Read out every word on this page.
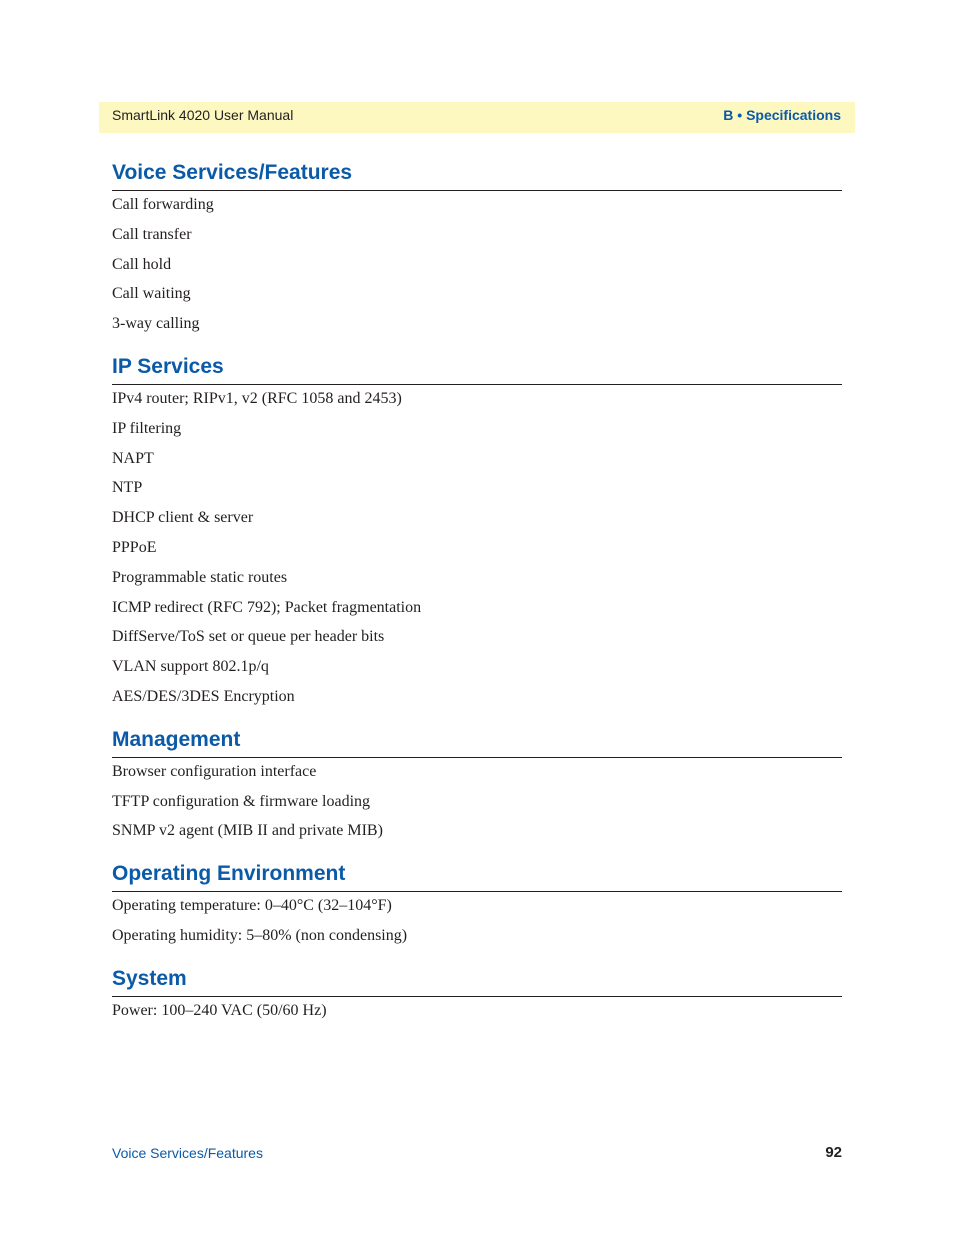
SmartLink 4020 User Manual	B • Specifications
Voice Services/Features
Call forwarding
Call transfer
Call hold
Call waiting
3-way calling
IP Services
IPv4 router; RIPv1, v2 (RFC 1058 and 2453)
IP filtering
NAPT
NTP
DHCP client & server
PPPoE
Programmable static routes
ICMP redirect (RFC 792); Packet fragmentation
DiffServe/ToS set or queue per header bits
VLAN support 802.1p/q
AES/DES/3DES Encryption
Management
Browser configuration interface
TFTP configuration & firmware loading
SNMP v2 agent (MIB II and private MIB)
Operating Environment
Operating temperature: 0–40°C (32–104°F)
Operating humidity: 5–80% (non condensing)
System
Power: 100–240 VAC (50/60 Hz)
Voice Services/Features	92
